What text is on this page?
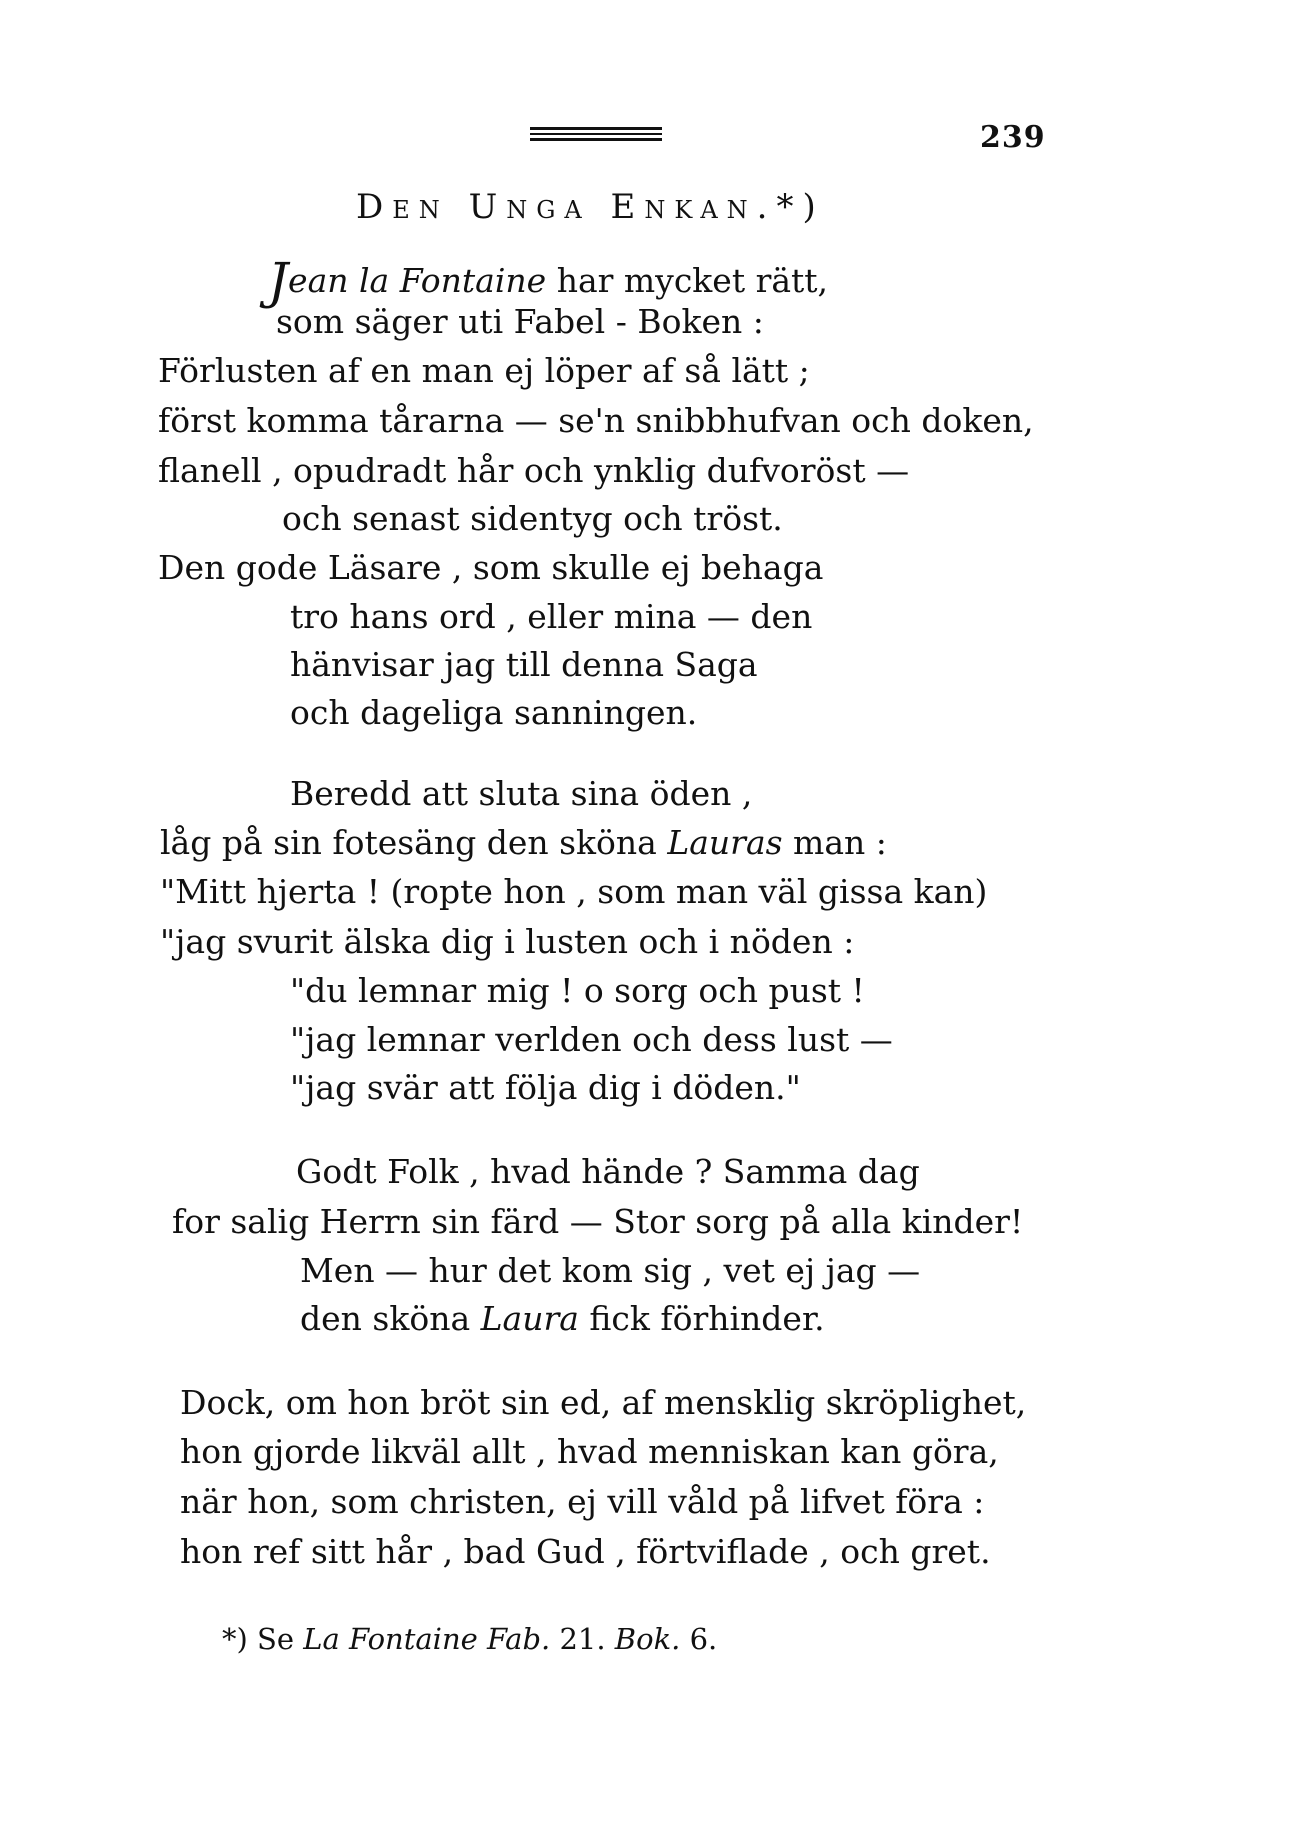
239
Den Unga Enkan.*)
Jean la Fontaine har mycket rätt,
som säger uti Fabel - Boken :
Förlusten af en man ej löper af så lätt ;
först komma tårarna — se'n snibbhufvan och doken,
flanell , opudradt hår och ynklig dufvoröst —
och senast sidentyg och tröst.
Den gode Läsare , som skulle ej behaga
tro hans ord , eller mina — den
hänvisar jag till denna Saga
och dageliga sanningen.
Beredd att sluta sina öden ,
låg på sin fotesäng den sköna Lauras man :
"Mitt hjerta ! (ropte hon , som man väl gissa kan)
"jag svurit älska dig i lusten och i nöden :
"du lemnar mig ! o sorg och pust !
"jag lemnar verlden och dess lust —
"jag svär att följa dig i döden."
Godt Folk , hvad hände ? Samma dag
for salig Herrn sin färd — Stor sorg på alla kinder!
Men — hur det kom sig , vet ej jag —
den sköna Laura fick förhinder.
Dock, om hon bröt sin ed, af mensklig skröplighet,
hon gjorde likväl allt , hvad menniskan kan göra,
när hon, som christen, ej vill våld på lifvet föra :
hon ref sitt hår , bad Gud , förtviflade , och gret.
*) Se La Fontaine Fab. 21. Bok. 6.
